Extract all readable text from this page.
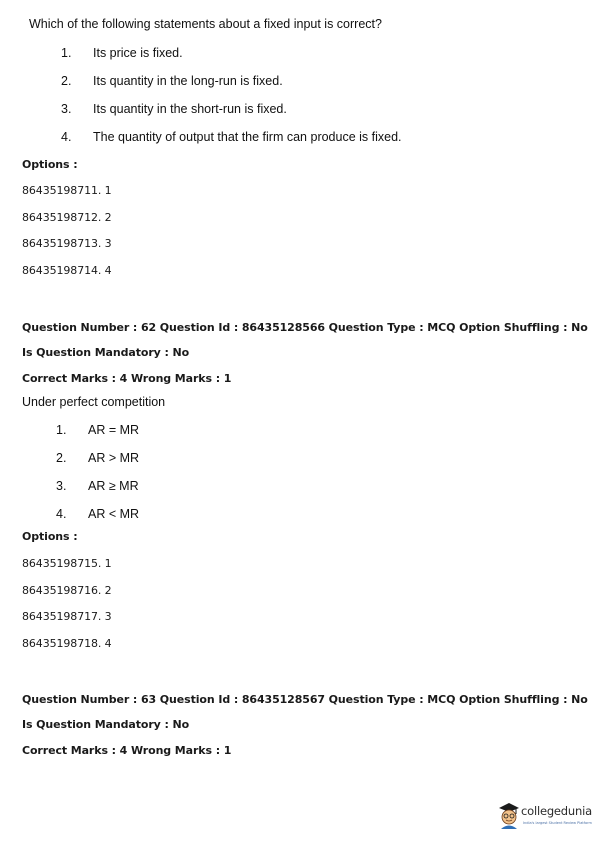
Which of the following statements about a fixed input is correct?
1. Its price is fixed.
2. Its quantity in the long-run is fixed.
3. Its quantity in the short-run is fixed.
4. The quantity of output that the firm can produce is fixed.
Options :
86435198711. 1
86435198712. 2
86435198713. 3
86435198714. 4
Question Number : 62 Question Id : 86435128566 Question Type : MCQ Option Shuffling : No
Is Question Mandatory : No
Correct Marks : 4 Wrong Marks : 1
Under perfect competition
1. AR = MR
2. AR > MR
3. AR ≥ MR
4. AR < MR
Options :
86435198715. 1
86435198716. 2
86435198717. 3
86435198718. 4
Question Number : 63 Question Id : 86435128567 Question Type : MCQ Option Shuffling : No
Is Question Mandatory : No
Correct Marks : 4 Wrong Marks : 1
collegedunia
India's largest Student Review Platform
